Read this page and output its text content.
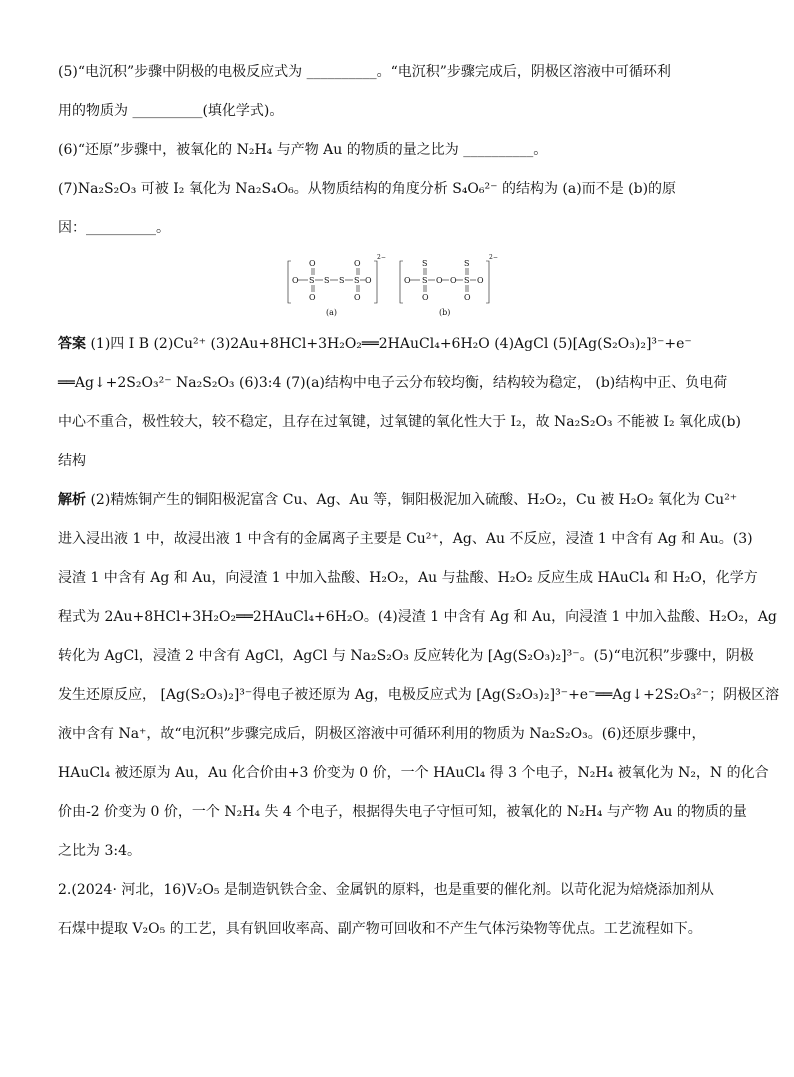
(5)“电沉积”步骤中阴极的电极反应式为 __________。“电沉积”步骤完成后，阴极区溶液中可循环利
用的物质为 __________(填化学式)。
(6)“还原”步骤中，被氧化的 N₂H₄ 与产物 Au 的物质的量之比为 __________。
(7)Na₂S₂O₃ 可被 I₂ 氧化为 Na₂S₄O₆。从物质结构的角度分析 S₄O₆²⁻ 的结构为 (a)而不是 (b)的原
因：__________。
2−
O
O S S S S O
O
O
O
(a)
2−
S
O S O O S O
O
S
O
(b)
答案 (1)四 Ⅰ B (2)Cu²⁺ (3)2Au+8HCl+3H₂O₂══2HAuCl₄+6H₂O (4)AgCl (5)[Ag(S₂O₃)₂]³⁻+e⁻
══Ag↓+2S₂O₃²⁻ Na₂S₂O₃ (6)3:4 (7)(a)结构中电子云分布较均衡，结构较为稳定， (b)结构中正、负电荷
中心不重合，极性较大，较不稳定，且存在过氧键，过氧键的氧化性大于 I₂，故 Na₂S₂O₃ 不能被 I₂ 氧化成(b)
结构
解析 (2)精炼铜产生的铜阳极泥富含 Cu、Ag、Au 等，铜阳极泥加入硫酸、H₂O₂，Cu 被 H₂O₂ 氧化为 Cu²⁺
进入浸出液 1 中，故浸出液 1 中含有的金属离子主要是 Cu²⁺，Ag、Au 不反应，浸渣 1 中含有 Ag 和 Au。(3)
浸渣 1 中含有 Ag 和 Au，向浸渣 1 中加入盐酸、H₂O₂，Au 与盐酸、H₂O₂ 反应生成 HAuCl₄ 和 H₂O，化学方
程式为 2Au+8HCl+3H₂O₂══2HAuCl₄+6H₂O。(4)浸渣 1 中含有 Ag 和 Au，向浸渣 1 中加入盐酸、H₂O₂，Ag
转化为 AgCl，浸渣 2 中含有 AgCl，AgCl 与 Na₂S₂O₃ 反应转化为 [Ag(S₂O₃)₂]³⁻。(5)“电沉积”步骤中，阴极
发生还原反应， [Ag(S₂O₃)₂]³⁻得电子被还原为 Ag，电极反应式为 [Ag(S₂O₃)₂]³⁻+e⁻══Ag↓+2S₂O₃²⁻；阴极区溶
液中含有 Na⁺，故“电沉积”步骤完成后，阴极区溶液中可循环利用的物质为 Na₂S₂O₃。(6)还原步骤中，
HAuCl₄ 被还原为 Au，Au 化合价由+3 价变为 0 价，一个 HAuCl₄ 得 3 个电子，N₂H₄ 被氧化为 N₂，N 的化合
价由-2 价变为 0 价，一个 N₂H₄ 失 4 个电子，根据得失电子守恒可知，被氧化的 N₂H₄ 与产物 Au 的物质的量
之比为 3:4。
2.(2024· 河北，16)V₂O₅ 是制造钒铁合金、金属钒的原料，也是重要的催化剂。以苛化泥为焙烧添加剂从
石煤中提取 V₂O₅ 的工艺，具有钒回收率高、副产物可回收和不产生气体污染物等优点。工艺流程如下。
